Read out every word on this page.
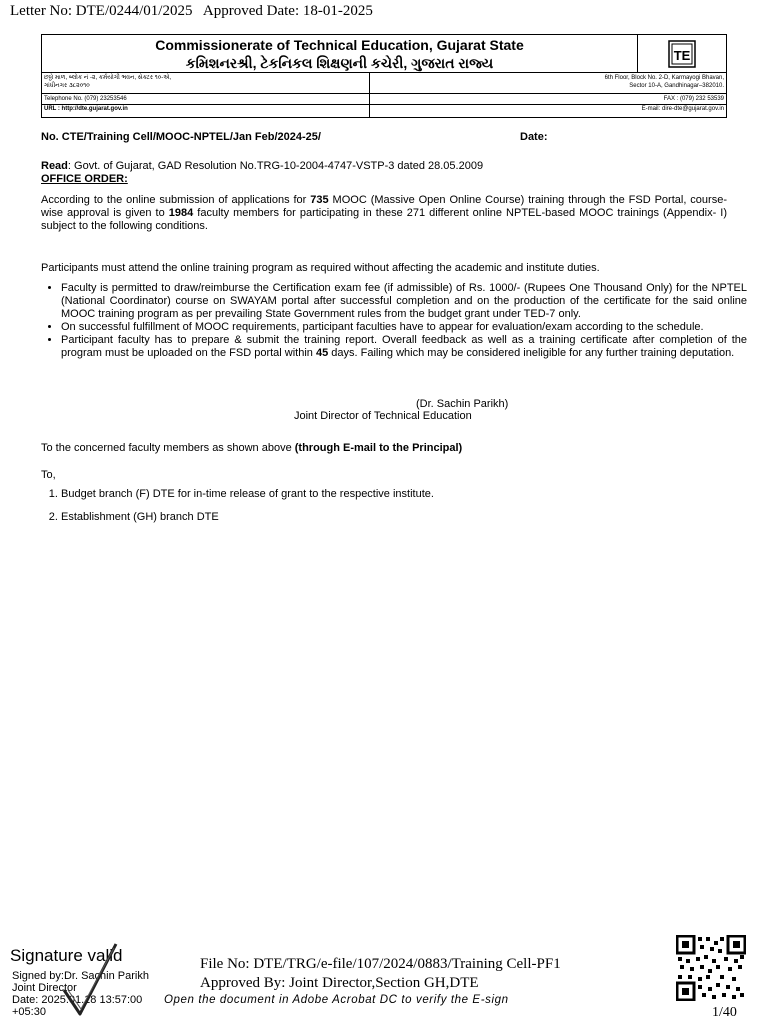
Letter No: DTE/0244/01/2025 Approved Date: 18-01-2025
Commissionerate of Technical Education, Gujarat State
કમિશનરશ્રી, ટેકનિકલ શિક્ષણની કચેરી, ગુજરાત રાજ્ય	TE
છઠ્ઠો માળ, બ્લોક નં -૨, કર્મયોગી ભવન, સેક્ટર ૧૦-એ,
ગાંધીનગર ૩૮૨૦૧૦
Telephone No. (079) 23253546
URL : http://dte.gujarat.gov.in
6th Floor, Block No. 2-D, Karmayogi Bhavan,
Sector 10-A, Gandhinagar–382010.
FAX : (079) 232 53539
E-mail: dire-dte@gujarat.gov.in
No. CTE/Training Cell/MOOC-NPTEL/Jan Feb/2024-25/	Date:
Read: Govt. of Gujarat, GAD Resolution No.TRG-10-2004-4747-VSTP-3 dated 28.05.2009
OFFICE ORDER:
According to the online submission of applications for 735 MOOC (Massive Open Online Course) training through the FSD Portal, course-wise approval is given to 1984 faculty members for participating in these 271 different online NPTEL-based MOOC trainings (Appendix- I) subject to the following conditions.
Participants must attend the online training program as required without affecting the academic and institute duties.
• Faculty is permitted to draw/reimburse the Certification exam fee (if admissible) of Rs. 1000/- (Rupees One Thousand Only) for the NPTEL (National Coordinator) course on SWAYAM portal after successful completion and on the production of the certificate for the said online MOOC training program as per prevailing State Government rules from the budget grant under TED-7 only.
• On successful fulfillment of MOOC requirements, participant faculties have to appear for evaluation/exam according to the schedule.
• Participant faculty has to prepare & submit the training report. Overall feedback as well as a training certificate after completion of the program must be uploaded on the FSD portal within 45 days. Failing which may be considered ineligible for any further training deputation.
(Dr. Sachin Parikh)
Joint Director of Technical Education
To the concerned faculty members as shown above (through E-mail to the Principal)
To,
1. Budget branch (F) DTE for in-time release of grant to the respective institute.
2. Establishment (GH) branch DTE
Signature valid
Signed by:Dr. Sachin Parikh
Joint Director
Date: 2025.01.18 13:57:00
+05:30
File No: DTE/TRG/e-file/107/2024/0883/Training Cell-PF1
Approved By: Joint Director,Section GH,DTE
Open the document in Adobe Acrobat DC to verify the E-sign
1/40
